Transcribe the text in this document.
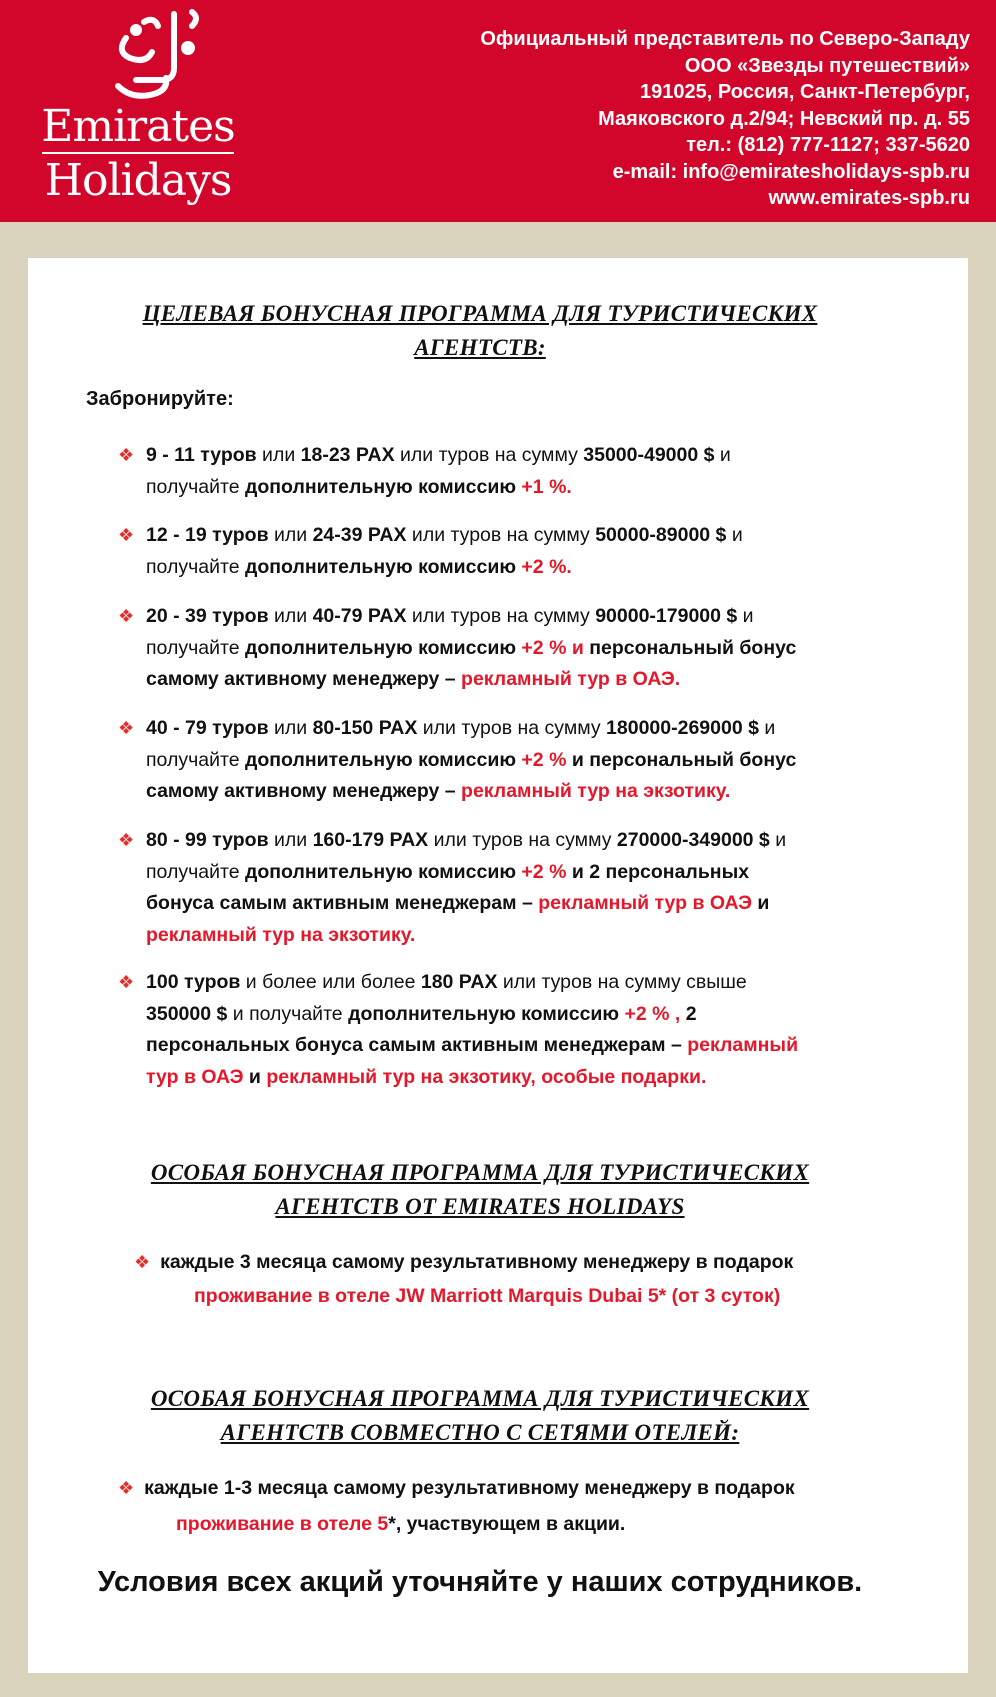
Emirates
Holidays
Официальный представитель по Северо-Западу
ООО «Звезды путешествий»
191025, Россия, Санкт-Петербург,
Маяковского д.2/94; Невский пр. д. 55
тел.: (812) 777-1127; 337-5620
e-mail: info@emiratesholidays-spb.ru
www.emirates-spb.ru
ЦЕЛЕВАЯ БОНУСНАЯ ПРОГРАММА ДЛЯ ТУРИСТИЧЕСКИХ
АГЕНТСТВ:
Забронируйте:
❖ 9 - 11 туров или 18-23 PAX или туров на сумму 35000-49000 $ и
получайте дополнительную комиссию +1 %.
❖ 12 - 19 туров или 24-39 PAX или туров на сумму 50000-89000 $ и
получайте дополнительную комиссию +2 %.
❖ 20 - 39 туров или 40-79 PAX или туров на сумму 90000-179000 $ и
получайте дополнительную комиссию +2 % и персональный бонус
самому активному менеджеру – рекламный тур в ОАЭ.
❖ 40 - 79 туров или 80-150 PAX или туров на сумму 180000-269000 $ и
получайте дополнительную комиссию +2 % и персональный бонус
самому активному менеджеру – рекламный тур на экзотику.
❖ 80 - 99 туров или 160-179 PAX или туров на сумму 270000-349000 $ и
получайте дополнительную комиссию +2 % и 2 персональных
бонуса самым активным менеджерам – рекламный тур в ОАЭ и
рекламный тур на экзотику.
❖ 100 туров и более или более 180 PAX или туров на сумму свыше
350000 $ и получайте дополнительную комиссию +2 % , 2
персональных бонуса самым активным менеджерам – рекламный
тур в ОАЭ и рекламный тур на экзотику, особые подарки.
ОСОБАЯ БОНУСНАЯ ПРОГРАММА ДЛЯ ТУРИСТИЧЕСКИХ
АГЕНТСТВ ОТ EMIRATES HOLIDAYS
❖ каждые 3 месяца самому результативному менеджеру в подарок
проживание в отеле JW Marriott Marquis Dubai 5* (от 3 суток)
ОСОБАЯ БОНУСНАЯ ПРОГРАММА ДЛЯ ТУРИСТИЧЕСКИХ
АГЕНТСТВ СОВМЕСТНО С СЕТЯМИ ОТЕЛЕЙ:
❖ каждые 1-3 месяца самому результативному менеджеру в подарок
проживание в отеле 5*, участвующем в акции.
Условия всех акций уточняйте у наших сотрудников.
